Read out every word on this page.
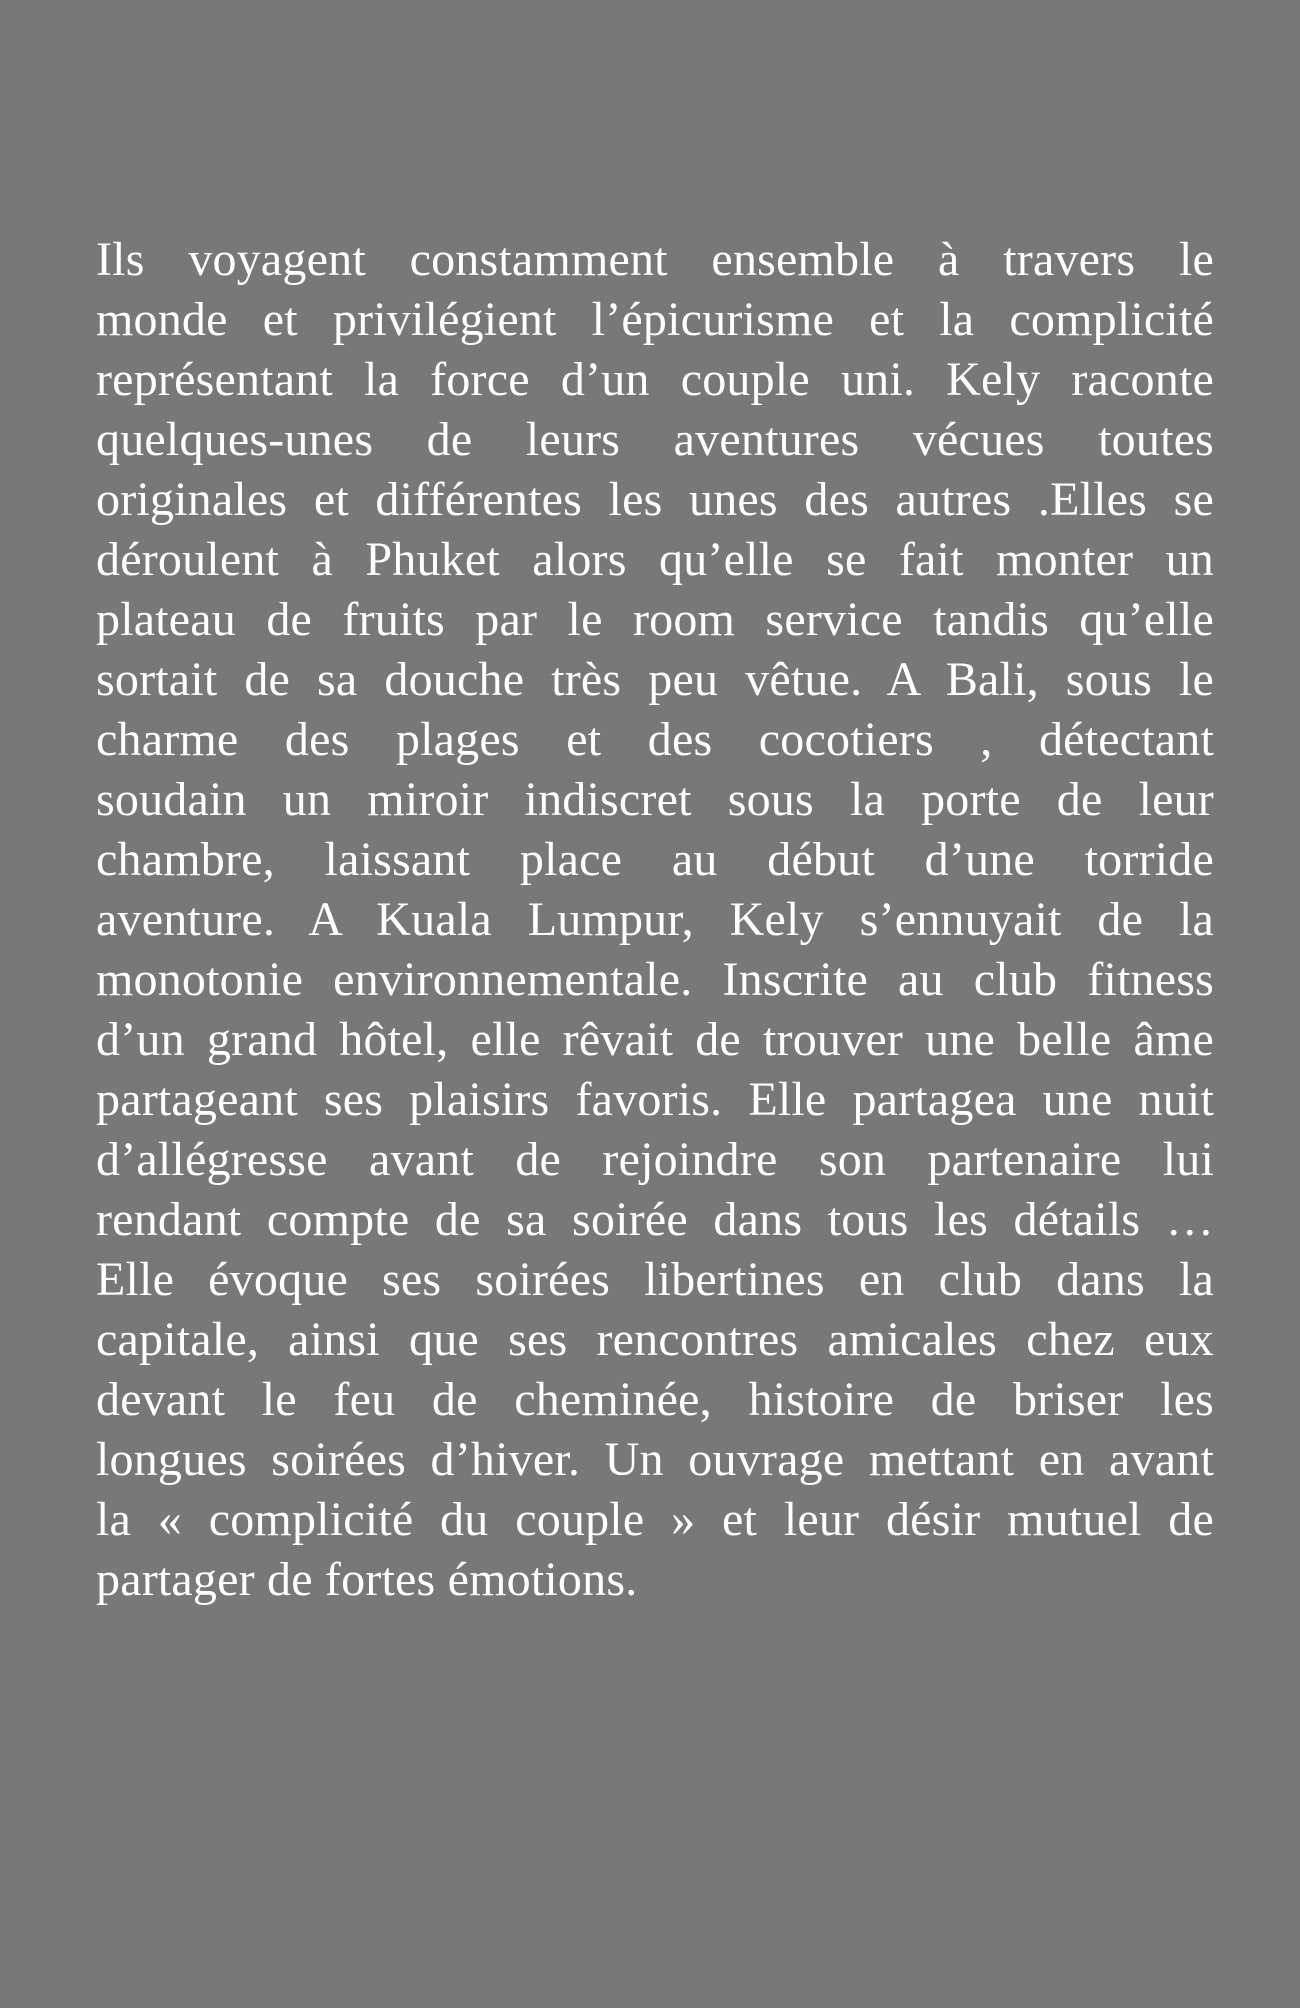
Ils voyagent constamment ensemble à travers le
monde et privilégient l’épicurisme et la complicité
représentant la force d’un couple uni. Kely raconte
quelques-unes de leurs aventures vécues toutes
originales et différentes les unes des autres .Elles se
déroulent à Phuket alors qu’elle se fait monter un
plateau de fruits par le room service tandis qu’elle
sortait de sa douche très peu vêtue. A Bali, sous le
charme des plages et des cocotiers , détectant
soudain un miroir indiscret sous la porte de leur
chambre, laissant place au début d’une torride
aventure. A Kuala Lumpur, Kely s’ennuyait de la
monotonie environnementale. Inscrite au club fitness
d’un grand hôtel, elle rêvait de trouver une belle âme
partageant ses plaisirs favoris. Elle partagea une nuit
d’allégresse avant de rejoindre son partenaire lui
rendant compte de sa soirée dans tous les détails …
Elle évoque ses soirées libertines en club dans la
capitale, ainsi que ses rencontres amicales chez eux
devant le feu de cheminée, histoire de briser les
longues soirées d’hiver. Un ouvrage mettant en avant
la « complicité du couple » et leur désir mutuel de
partager de fortes émotions.
